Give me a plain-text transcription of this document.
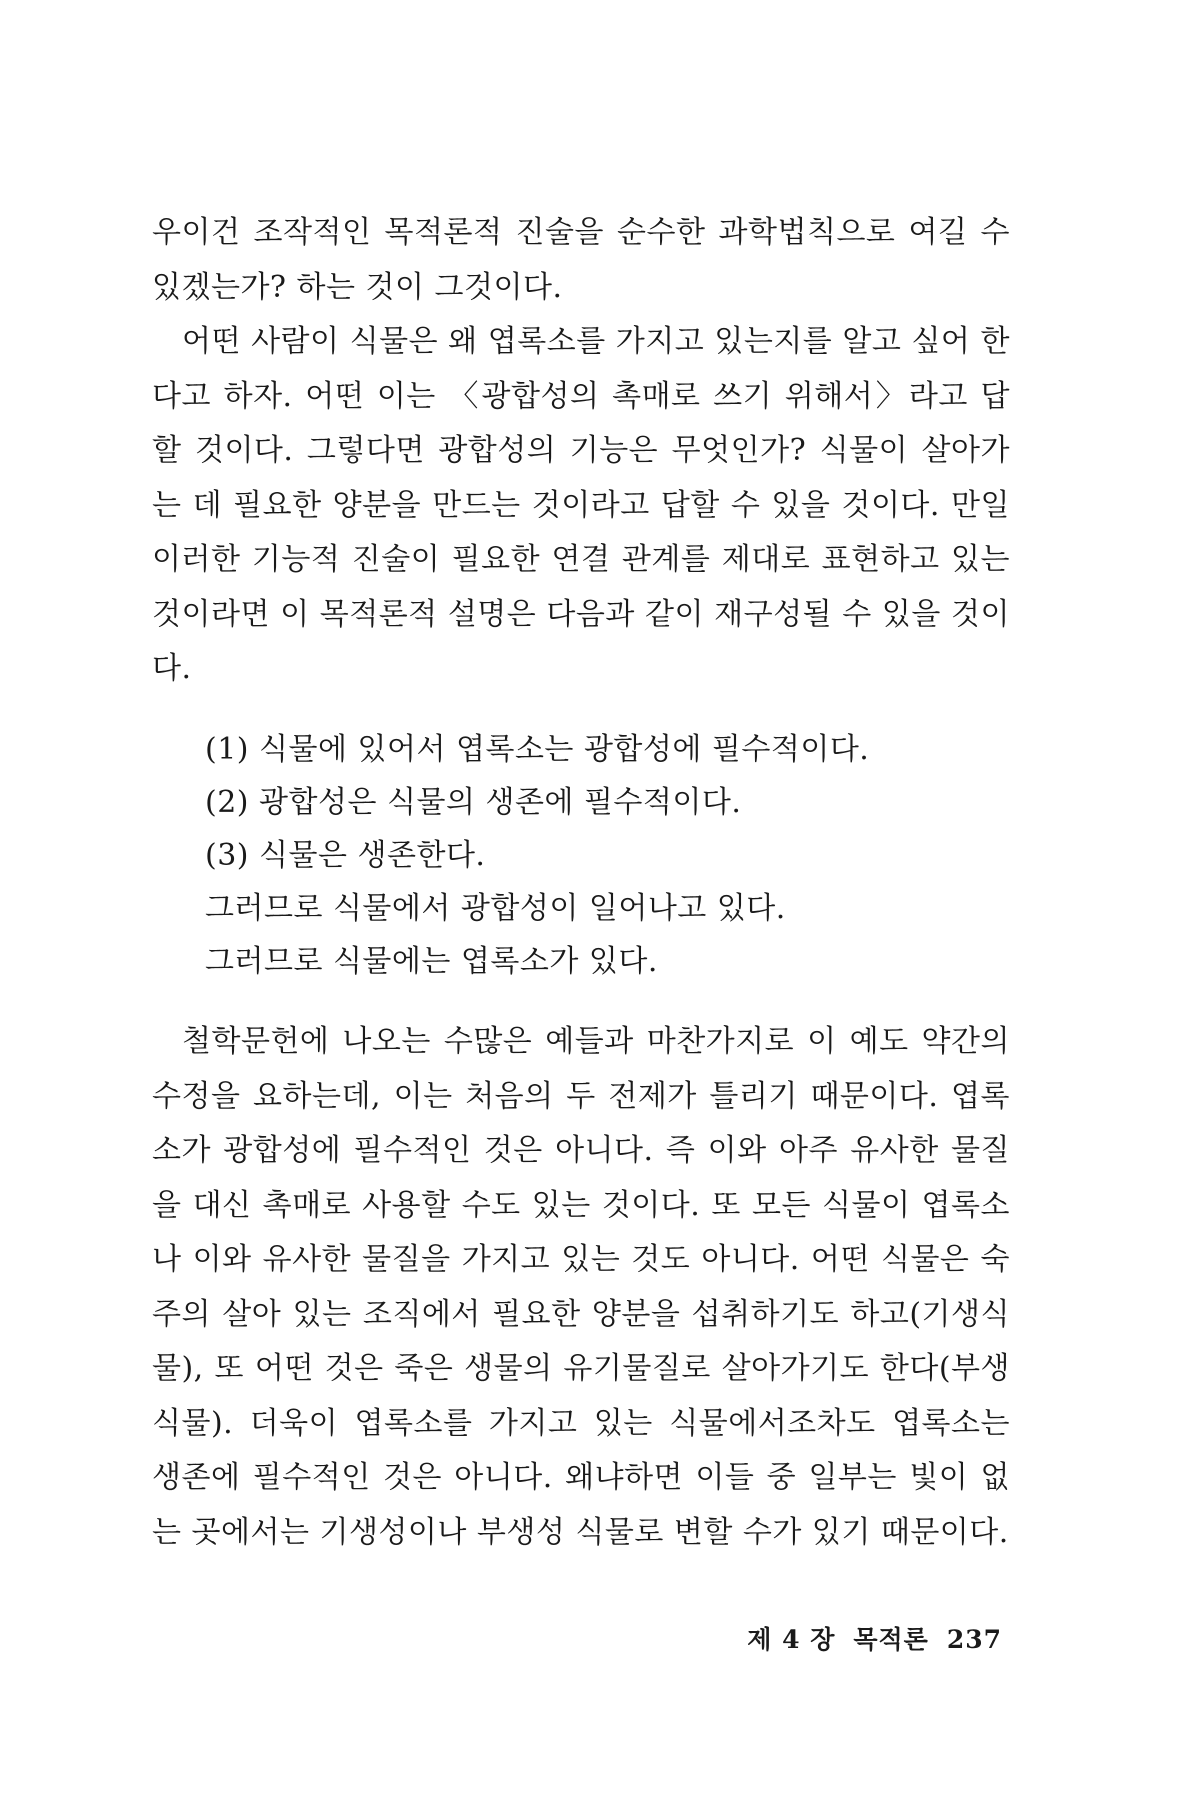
우이건 조작적인 목적론적 진술을 순수한 과학법칙으로 여길 수 있겠는가? 하는 것이 그것이다.

어떤 사람이 식물은 왜 엽록소를 가지고 있는지를 알고 싶어 한다고 하자. 어떤 이는 〈광합성의 촉매로 쓰기 위해서〉라고 답할 것이다. 그렇다면 광합성의 기능은 무엇인가? 식물이 살아가는 데 필요한 양분을 만드는 것이라고 답할 수 있을 것이다. 만일 이러한 기능적 진술이 필요한 연결 관계를 제대로 표현하고 있는 것이라면 이 목적론적 설명은 다음과 같이 재구성될 수 있을 것이다.

(1) 식물에 있어서 엽록소는 광합성에 필수적이다.
(2) 광합성은 식물의 생존에 필수적이다.
(3) 식물은 생존한다.
그러므로 식물에서 광합성이 일어나고 있다.
그러므로 식물에는 엽록소가 있다.

철학문헌에 나오는 수많은 예들과 마찬가지로 이 예도 약간의 수정을 요하는데, 이는 처음의 두 전제가 틀리기 때문이다. 엽록소가 광합성에 필수적인 것은 아니다. 즉 이와 아주 유사한 물질을 대신 촉매로 사용할 수도 있는 것이다. 또 모든 식물이 엽록소나 이와 유사한 물질을 가지고 있는 것도 아니다. 어떤 식물은 숙주의 살아 있는 조직에서 필요한 양분을 섭취하기도 하고(기생식물), 또 어떤 것은 죽은 생물의 유기물질로 살아가기도 한다(부생식물). 더욱이 엽록소를 가지고 있는 식물에서조차도 엽록소는 생존에 필수적인 것은 아니다. 왜냐하면 이들 중 일부는 빛이 없는 곳에서는 기생성이나 부생성 식물로 변할 수가 있기 때문이다.

제 4 장 목적론 237
